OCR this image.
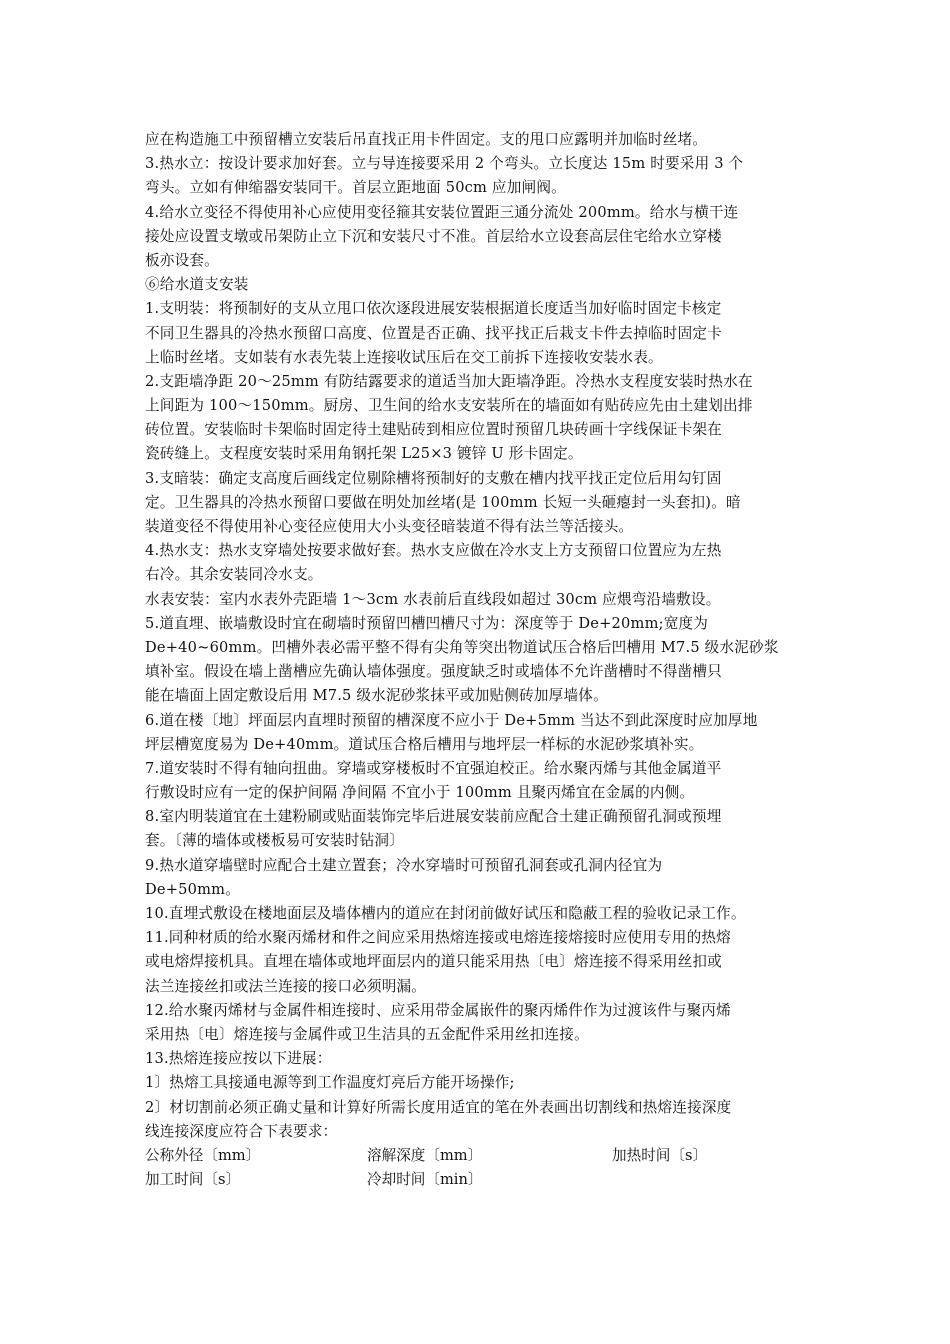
应在构造施工中预留槽立安装后吊直找正用卡件固定。支的甩口应露明并加临时丝堵。
3.热水立：按设计要求加好套。立与导连接要采用 2 个弯头。立长度达 15m 时要采用 3 个
弯头。立如有伸缩器安装同干。首层立距地面 50cm 应加闸阀。
4.给水立变径不得使用补心应使用变径箍其安装位置距三通分流处 200mm。给水与横干连
接处应设置支墩或吊架防止立下沉和安装尺寸不准。首层给水立设套高层住宅给水立穿楼
板亦设套。
⑥给水道支安装
1.支明装：将预制好的支从立甩口依次逐段进展安装根据道长度适当加好临时固定卡核定
不同卫生器具的冷热水预留口高度、位置是否正确、找平找正后栽支卡件去掉临时固定卡
上临时丝堵。支如装有水表先装上连接收试压后在交工前拆下连接收安装水表。
2.支距墙净距 20～25mm 有防结露要求的道适当加大距墙净距。冷热水支程度安装时热水在
上间距为 100～150mm。厨房、卫生间的给水支安装所在的墙面如有贴砖应先由土建划出排
砖位置。安装临时卡架临时固定待土建贴砖到相应位置时预留几块砖画十字线保证卡架在
瓷砖缝上。支程度安装时采用角钢托架 L25×3 镀锌 U 形卡固定。
3.支暗装：确定支高度后画线定位剔除槽将预制好的支敷在槽内找平找正定位后用勾钉固
定。卫生器具的冷热水预留口要做在明处加丝堵(是 100mm 长短一头砸瘪封一头套扣)。暗
装道变径不得使用补心变径应使用大小头变径暗装道不得有法兰等活接头。
4.热水支：热水支穿墙处按要求做好套。热水支应做在冷水支上方支预留口位置应为左热
右冷。其余安装同冷水支。
水表安装：室内水表外壳距墙 1～3cm 水表前后直线段如超过 30cm 应煨弯沿墙敷设。
5.道直埋、嵌墙敷设时宜在砌墙时预留凹槽凹槽尺寸为：深度等于 De+20mm;宽度为
De+40~60mm。凹槽外表必需平整不得有尖角等突出物道试压合格后凹槽用 M7.5 级水泥砂浆
填补室。假设在墙上凿槽应先确认墙体强度。强度缺乏时或墙体不允许凿槽时不得凿槽只
能在墙面上固定敷设后用 M7.5 级水泥砂浆抹平或加贴侧砖加厚墙体。
6.道在楼〔地〕坪面层内直埋时预留的槽深度不应小于 De+5mm 当达不到此深度时应加厚地
坪层槽宽度易为 De+40mm。道试压合格后槽用与地坪层一样标的水泥砂浆填补实。
7.道安装时不得有轴向扭曲。穿墙或穿楼板时不宜强迫校正。给水聚丙烯与其他金属道平
行敷设时应有一定的保护间隔 净间隔 不宜小于 100mm 且聚丙烯宜在金属的内侧。
8.室内明装道宜在土建粉刷或贴面装饰完毕后进展安装前应配合土建正确预留孔洞或预埋
套。〔薄的墙体或楼板易可安装时钻洞〕
9.热水道穿墙壁时应配合土建立置套；冷水穿墙时可预留孔洞套或孔洞内径宜为
De+50mm。
10.直埋式敷设在楼地面层及墙体槽内的道应在封闭前做好试压和隐蔽工程的验收记录工作。
11.同种材质的给水聚丙烯材和件之间应采用热熔连接或电熔连接熔接时应使用专用的热熔
或电熔焊接机具。直埋在墙体或地坪面层内的道只能采用热〔电〕熔连接不得采用丝扣或
法兰连接丝扣或法兰连接的接口必须明漏。
12.给水聚丙烯材与金属件相连接时、应采用带金属嵌件的聚丙烯件作为过渡该件与聚丙烯
采用热〔电〕熔连接与金属件或卫生洁具的五金配件采用丝扣连接。
13.热熔连接应按以下进展：
1〕热熔工具接通电源等到工作温度灯亮后方能开场操作;
2〕材切割前必须正确丈量和计算好所需长度用适宜的笔在外表画出切割线和热熔连接深度
线连接深度应符合下表要求：
公称外径〔mm〕	溶解深度〔mm〕	加热时间〔s〕
加工时间〔s〕	冷却时间〔min〕
